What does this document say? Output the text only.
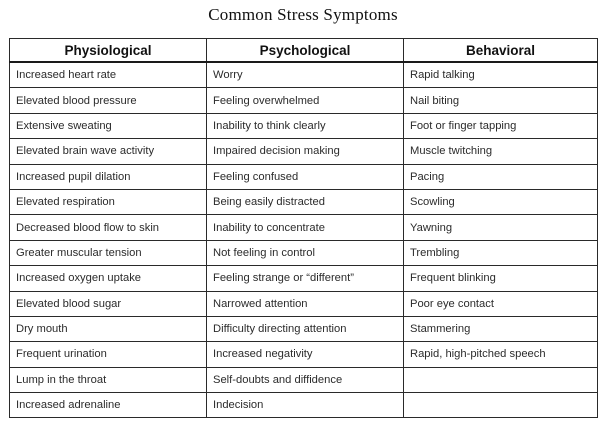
Common Stress Symptoms
Physiological	Psychological	Behavioral
Increased heart rate	Worry	Rapid talking
Elevated blood pressure	Feeling overwhelmed	Nail biting
Extensive sweating	Inability to think clearly	Foot or finger tapping
Elevated brain wave activity	Impaired decision making	Muscle twitching
Increased pupil dilation	Feeling confused	Pacing
Elevated respiration	Being easily distracted	Scowling
Decreased blood flow to skin	Inability to concentrate	Yawning
Greater muscular tension	Not feeling in control	Trembling
Increased oxygen uptake	Feeling strange or “different”	Frequent blinking
Elevated blood sugar	Narrowed attention	Poor eye contact
Dry mouth	Difficulty directing attention	Stammering
Frequent urination	Increased negativity	Rapid, high-pitched speech
Lump in the throat	Self-doubts and diffidence	
Increased adrenaline	Indecision	
